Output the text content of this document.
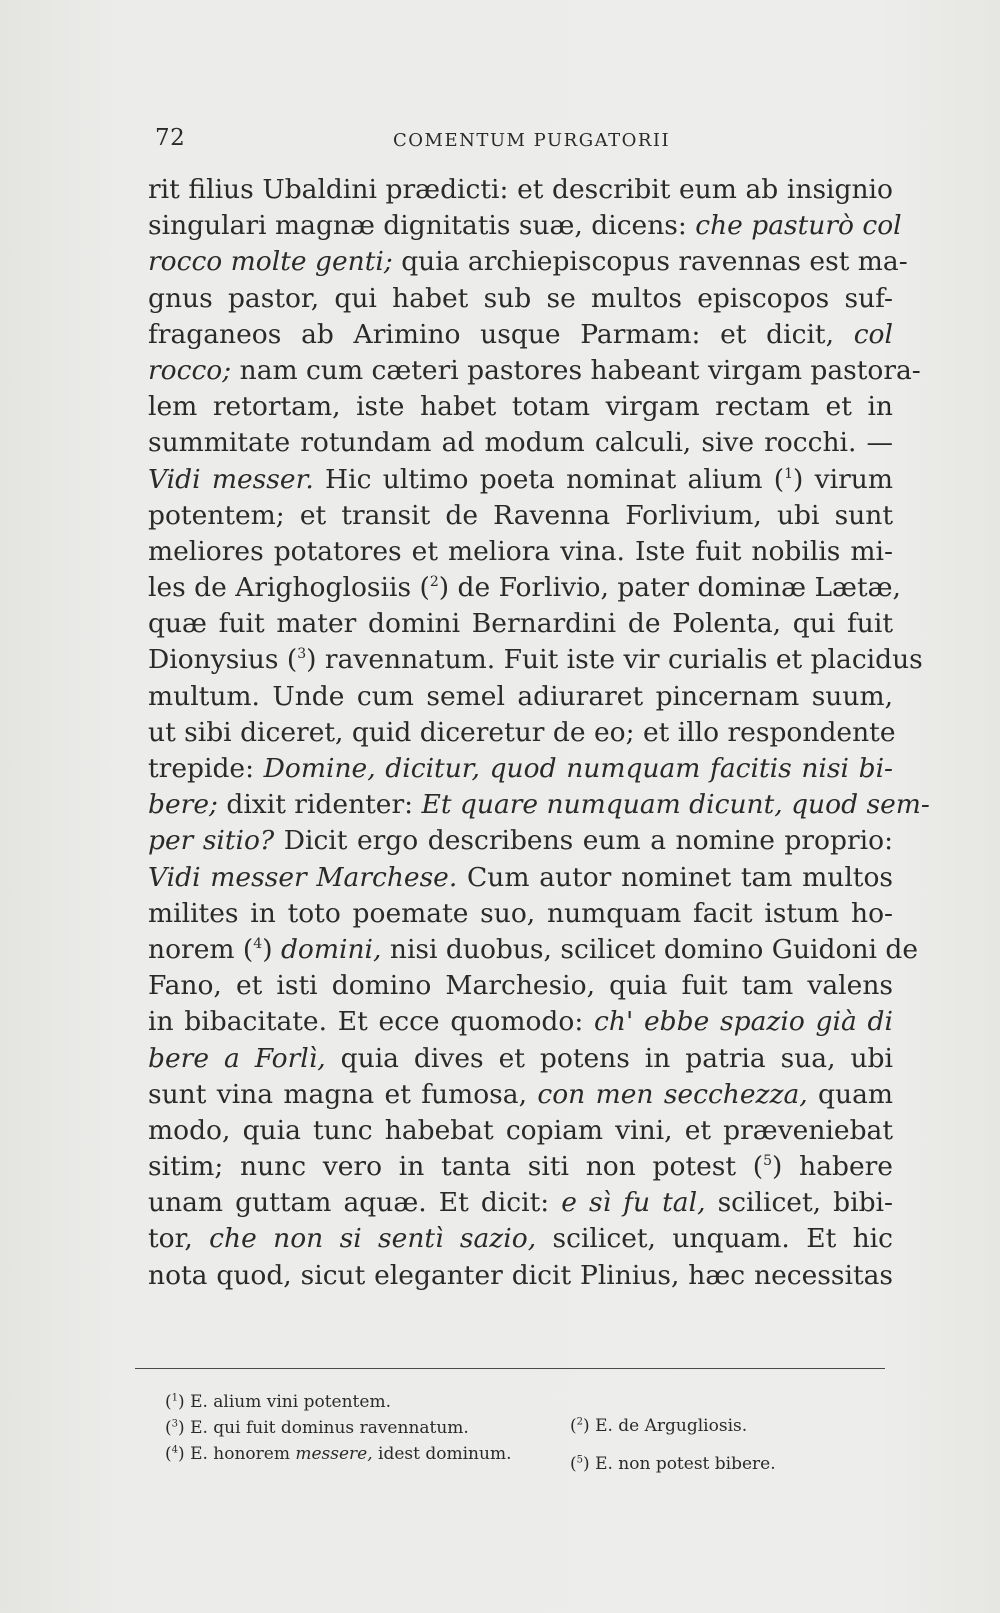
72	COMENTUM PURGATORII
rit filius Ubaldini prædicti: et describit eum ab insignio
singulari magnæ dignitatis suæ, dicens: che pasturò col
rocco molte genti; quia archiepiscopus ravennas est ma-
gnus pastor, qui habet sub se multos episcopos suf-
fraganeos ab Arimino usque Parmam: et dicit, col
rocco; nam cum cæteri pastores habeant virgam pastora-
lem retortam, iste habet totam virgam rectam et in
summitate rotundam ad modum calculi, sive rocchi. —
Vidi messer. Hic ultimo poeta nominat alium ($^1$) virum
potentem; et transit de Ravenna Forlivium, ubi sunt
meliores potatores et meliora vina. Iste fuit nobilis mi-
les de Arighoglosiis ($^2$) de Forlivio, pater dominæ Lætæ,
quæ fuit mater domini Bernardini de Polenta, qui fuit
Dionysius ($^3$) ravennatum. Fuit iste vir curialis et placidus
multum. Unde cum semel adiuraret pincernam suum,
ut sibi diceret, quid diceretur de eo; et illo respondente
trepide: Domine, dicitur, quod numquam facitis nisi bi-
bere; dixit ridenter: Et quare numquam dicunt, quod sem-
per sitio? Dicit ergo describens eum a nomine proprio:
Vidi messer Marchese. Cum autor nominet tam multos
milites in toto poemate suo, numquam facit istum ho-
norem ($^4$) domini, nisi duobus, scilicet domino Guidoni de
Fano, et isti domino Marchesio, quia fuit tam valens
in bibacitate. Et ecce quomodo: ch' ebbe spazio già di
bere a Forlì, quia dives et potens in patria sua, ubi
sunt vina magna et fumosa, con men secchezza, quam
modo, quia tunc habebat copiam vini, et præveniebat
sitim; nunc vero in tanta siti non potest ($^5$) habere
unam guttam aquæ. Et dicit: e sì fu tal, scilicet, bibi-
tor, che non si sentì sazio, scilicet, unquam. Et hic
nota quod, sicut eleganter dicit Plinius, hæc necessitas
($^1$) E. alium vini potentem.
($^2$) E. de Argugliosis.
($^3$) E. qui fuit dominus ravennatum.
($^4$) E. honorem messere, idest dominum.	($^5$) E. non potest bibere.
